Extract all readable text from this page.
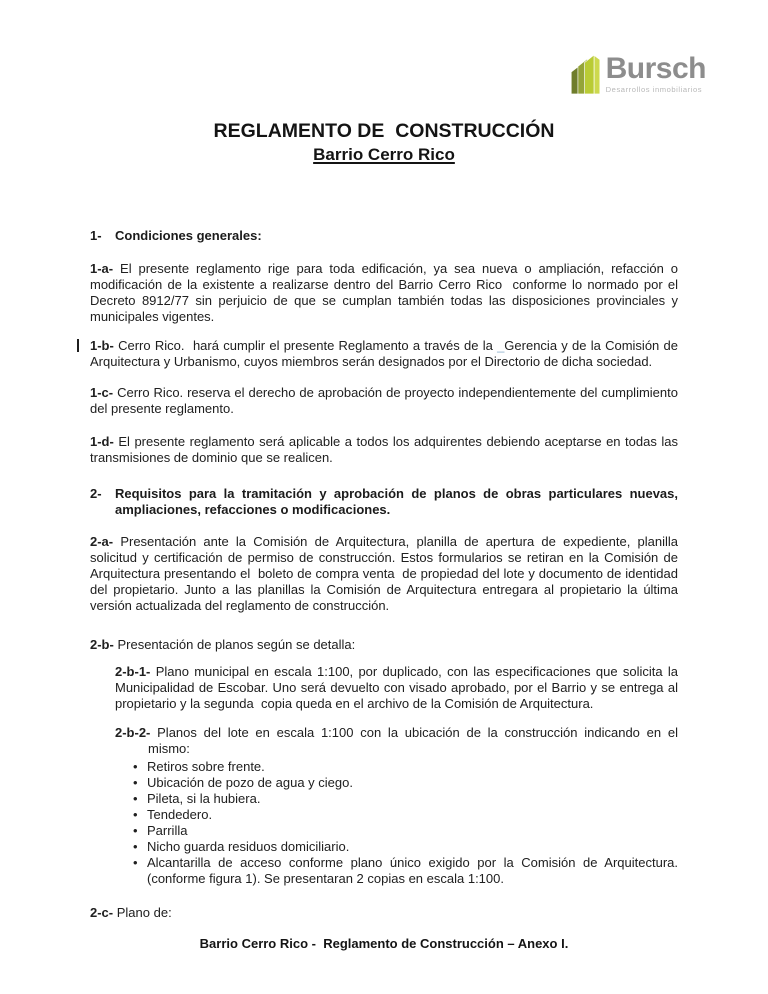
Bursch
Desarrollos inmobiliarios
REGLAMENTO DE  CONSTRUCCIÓN
Barrio Cerro Rico

1- Condiciones generales:

1-a- El presente reglamento rige para toda edificación, ya sea nueva o ampliación, refacción o modificación de la existente a realizarse dentro del Barrio Cerro Rico  conforme lo normado por el Decreto 8912/77 sin perjuicio de que se cumplan también todas las disposiciones provinciales y municipales vigentes.

1-b- Cerro Rico.  hará cumplir el presente Reglamento a través de la _Gerencia y de la Comisión de Arquitectura y Urbanismo, cuyos miembros serán designados por el Directorio de dicha sociedad.

1-c- Cerro Rico. reserva el derecho de aprobación de proyecto independientemente del cumplimiento del presente reglamento.

1-d- El presente reglamento será aplicable a todos los adquirentes debiendo aceptarse en todas las transmisiones de dominio que se realicen.

2- Requisitos para la tramitación y aprobación de planos de obras particulares nuevas, ampliaciones, refacciones o modificaciones.

2-a- Presentación ante la Comisión de Arquitectura, planilla de apertura de expediente, planilla solicitud y certificación de permiso de construcción. Estos formularios se retiran en la Comisión de Arquitectura presentando el  boleto de compra venta  de propiedad del lote y documento de identidad del propietario. Junto a las planillas la Comisión de Arquitectura entregara al propietario la última versión actualizada del reglamento de construcción.

2-b- Presentación de planos según se detalla:

2-b-1- Plano municipal en escala 1:100, por duplicado, con las especificaciones que solicita la Municipalidad de Escobar. Uno será devuelto con visado aprobado, por el Barrio y se entrega al propietario y la segunda  copia queda en el archivo de la Comisión de Arquitectura.

2-b-2- Planos del lote en escala 1:100 con la ubicación de la construcción indicando en el
mismo:

• Retiros sobre frente.
• Ubicación de pozo de agua y ciego.
• Pileta, si la hubiera.
• Tendedero.
• Parrilla
• Nicho guarda residuos domiciliario.
• Alcantarilla de acceso conforme plano único exigido por la Comisión de Arquitectura. (conforme figura 1). Se presentaran 2 copias en escala 1:100.

2-c- Plano de:

Barrio Cerro Rico -  Reglamento de Construcción – Anexo I.
